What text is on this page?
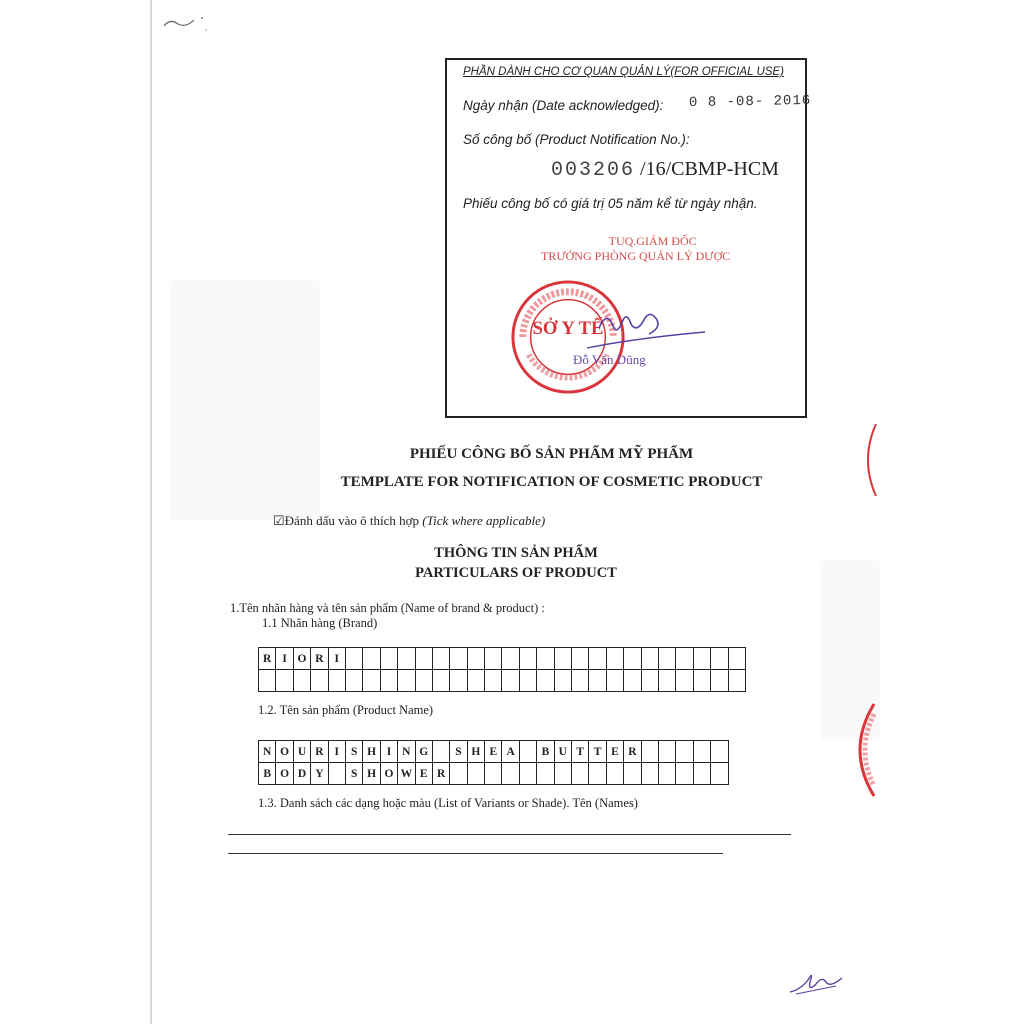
PHẦN DÀNH CHO CƠ QUAN QUẢN LÝ(FOR OFFICIAL USE)
Ngày nhận (Date acknowledged): 0 8 -08- 2016
Số công bố (Product Notification No.):
003206 /16/CBMP-HCM
Phiếu công bố có giá trị 05 năm kể từ ngày nhận.
TUQ.GIÁM ĐỐC
TRƯỞNG PHÒNG QUẢN LÝ DƯỢC
SỞ Y TẾ
Đỗ Văn Dũng
PHIẾU CÔNG BỐ SẢN PHẨM MỸ PHẨM
TEMPLATE FOR NOTIFICATION OF COSMETIC PRODUCT
☑Đánh dấu vào ô thích hợp (Tick where applicable)
THÔNG TIN SẢN PHẨM
PARTICULARS OF PRODUCT
1.Tên nhãn hàng và tên sản phẩm (Name of brand & product) :
1.1 Nhãn hàng (Brand)
R I O R I
1.2. Tên sản phẩm (Product Name)
N O U R I	S H I N G	S H E A	B U T T E R
B O D Y	S H O W E R
1.3. Danh sách các dạng hoặc màu (List of Variants or Shade). Tên (Names)
